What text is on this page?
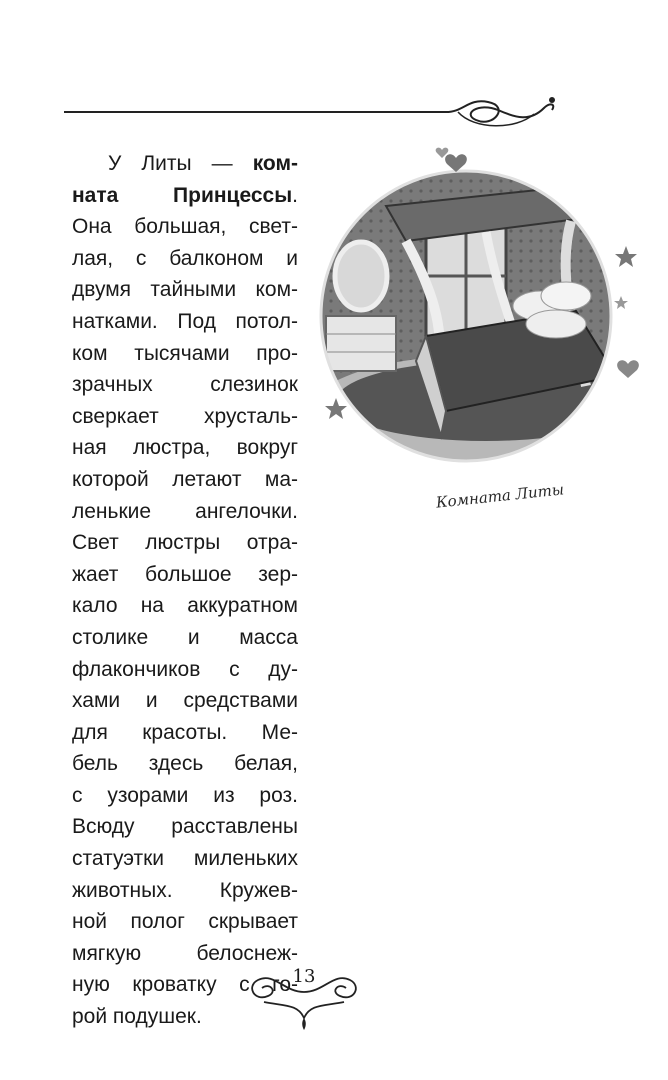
У Литы — ком-
ната Принцессы.
Она большая, свет-
лая, с балконом и
двумя тайными ком-
натками. Под потол-
ком тысячами про-
зрачных слезинок
сверкает хрусталь-
ная люстра, вокруг
которой летают ма-
ленькие ангелочки.
Свет люстры отра-
жает большое зер-
кало на аккуратном
столике и масса
флакончиков с ду-
хами и средствами
для красоты. Ме-
бель здесь белая,
с узорами из роз.
Всюду расставлены
статуэтки миленьких
животных. Кружев-
ной полог скрывает
мягкую белоснеж-
ную кроватку с го-
рой подушек.
Комната Литы
13
